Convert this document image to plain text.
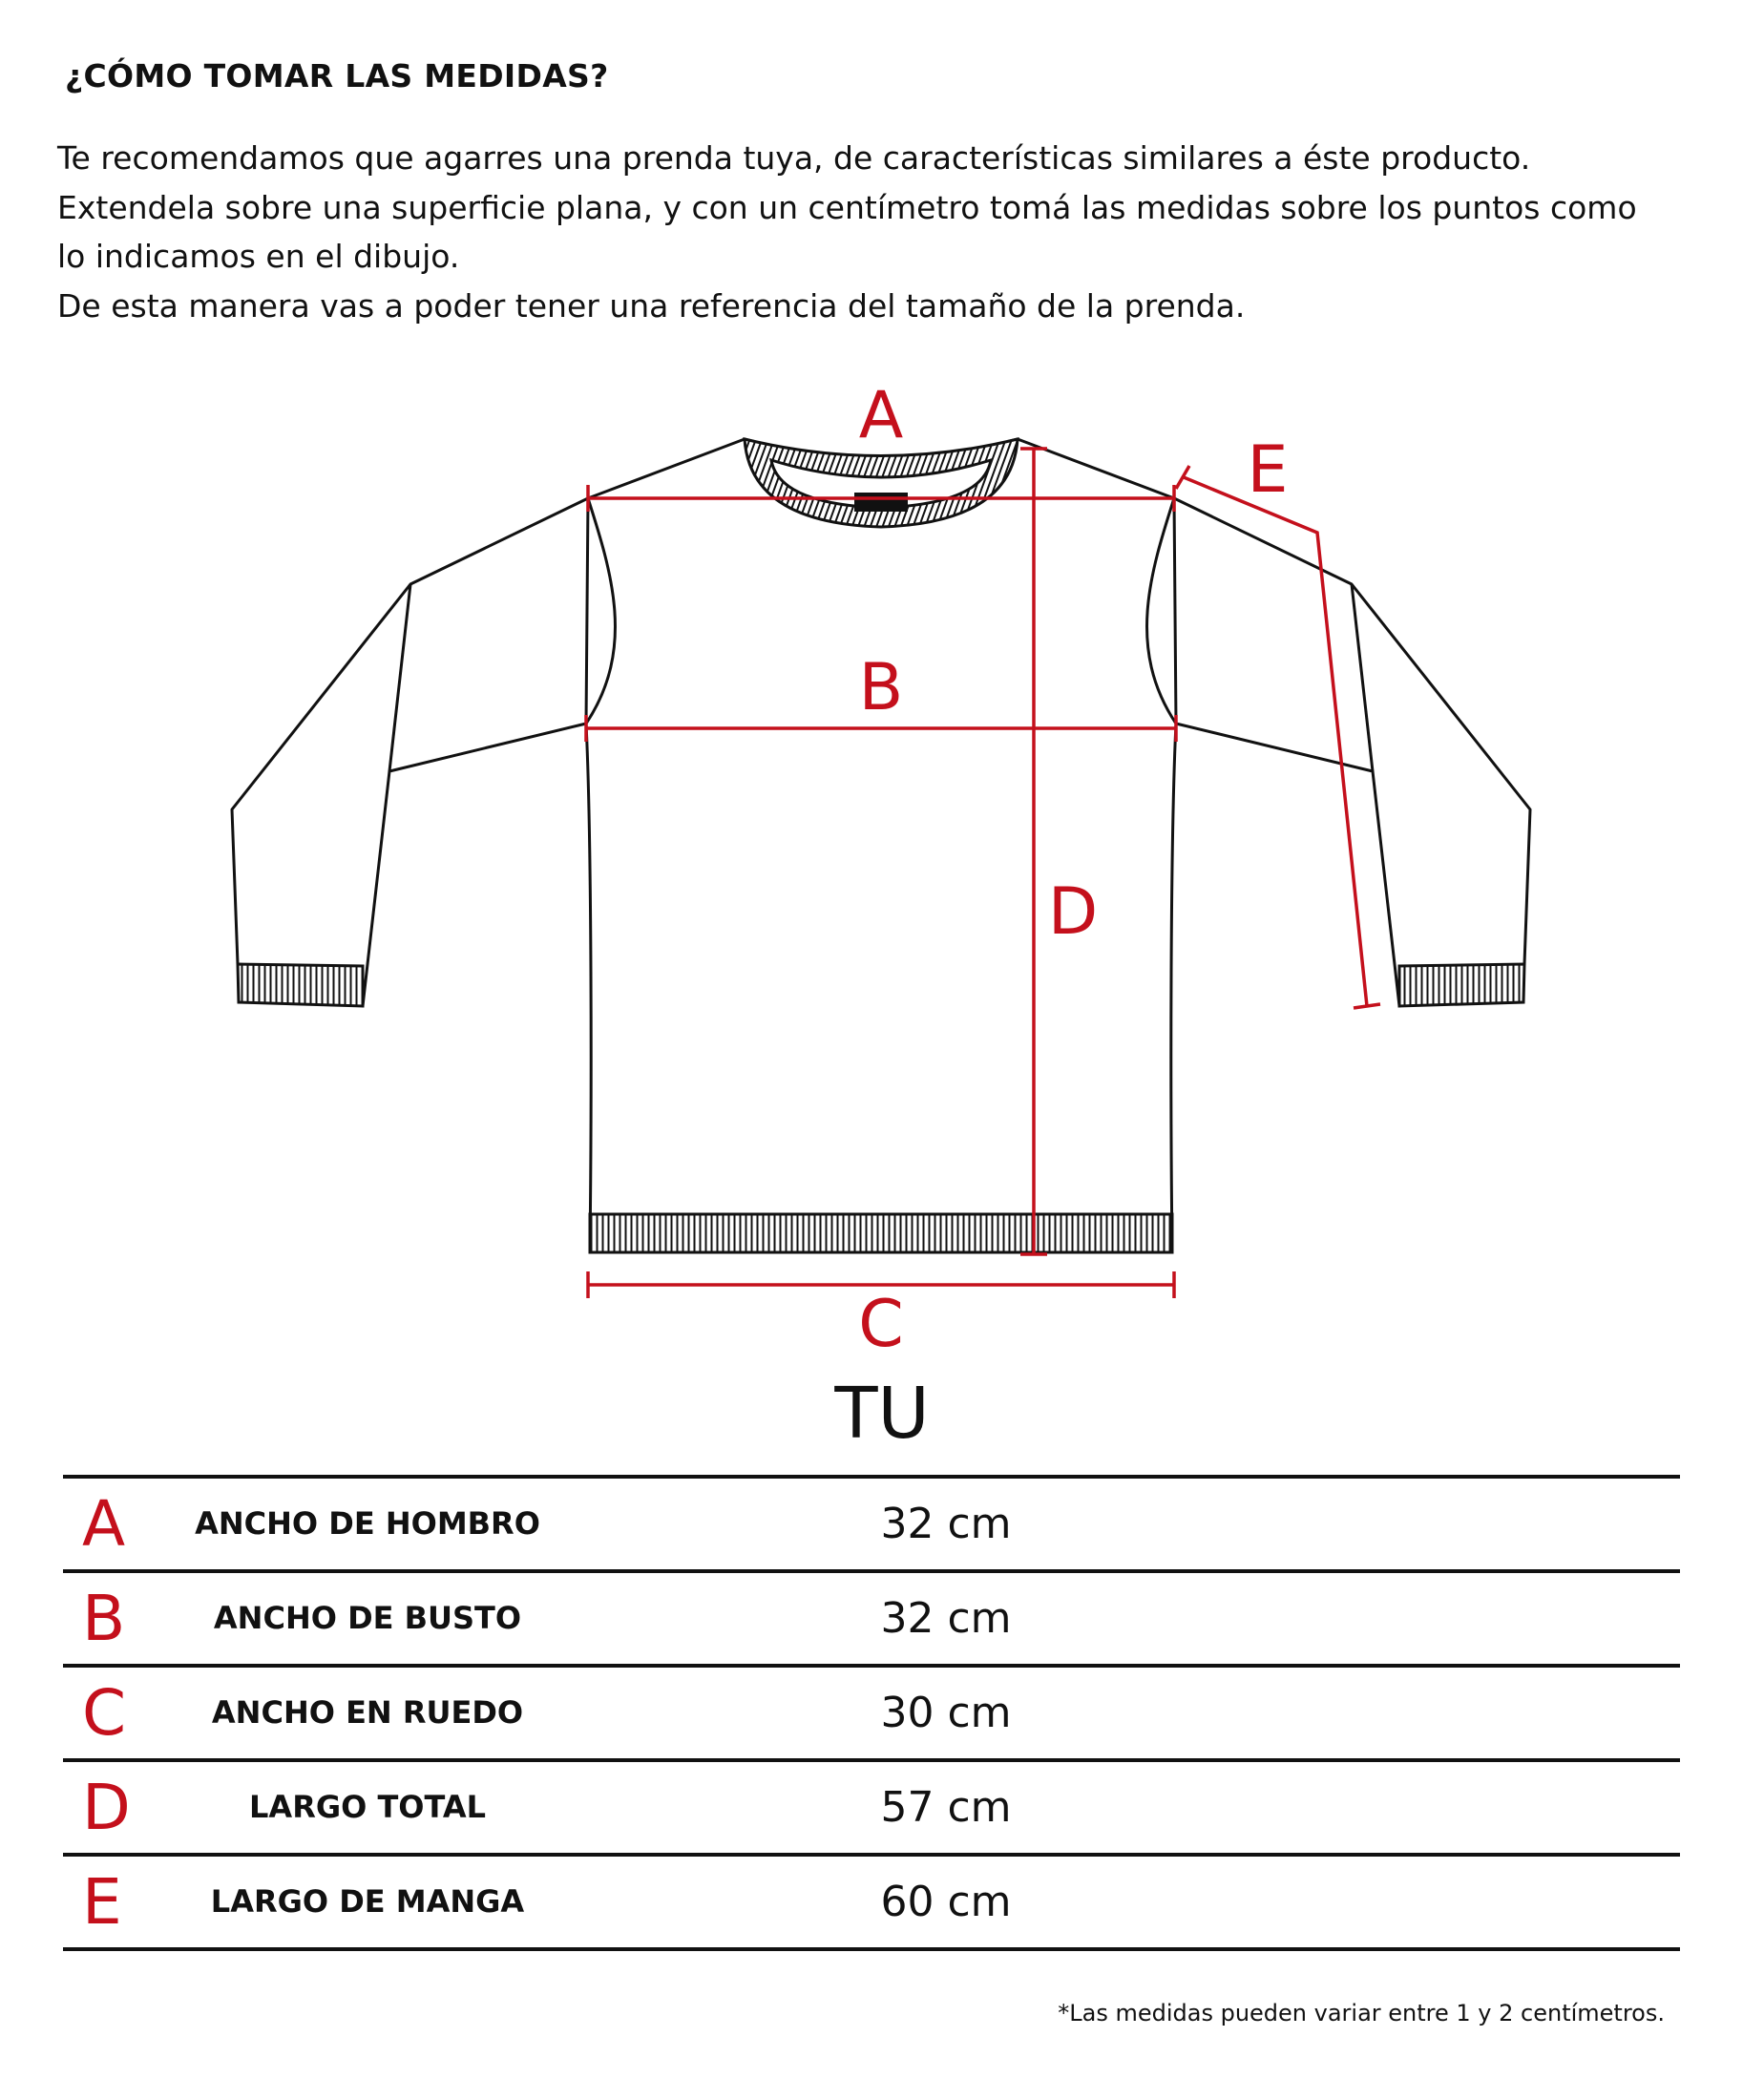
¿CÓMO TOMAR LAS MEDIDAS?
Te recomendamos que agarres una prenda tuya, de características similares a éste producto.
Extendela sobre una superficie plana, y con un centímetro tomá las medidas sobre los puntos como
lo indicamos en el dibujo.
De esta manera vas a poder tener una referencia del tamaño de la prenda.
A
B
C
D
E
TU
A	ANCHO DE HOMBRO	32 cm
B	ANCHO DE BUSTO	32 cm
C	ANCHO EN RUEDO	30 cm
D	LARGO TOTAL	57 cm
E	LARGO DE MANGA	60 cm
*Las medidas pueden variar entre 1 y 2 centímetros.
